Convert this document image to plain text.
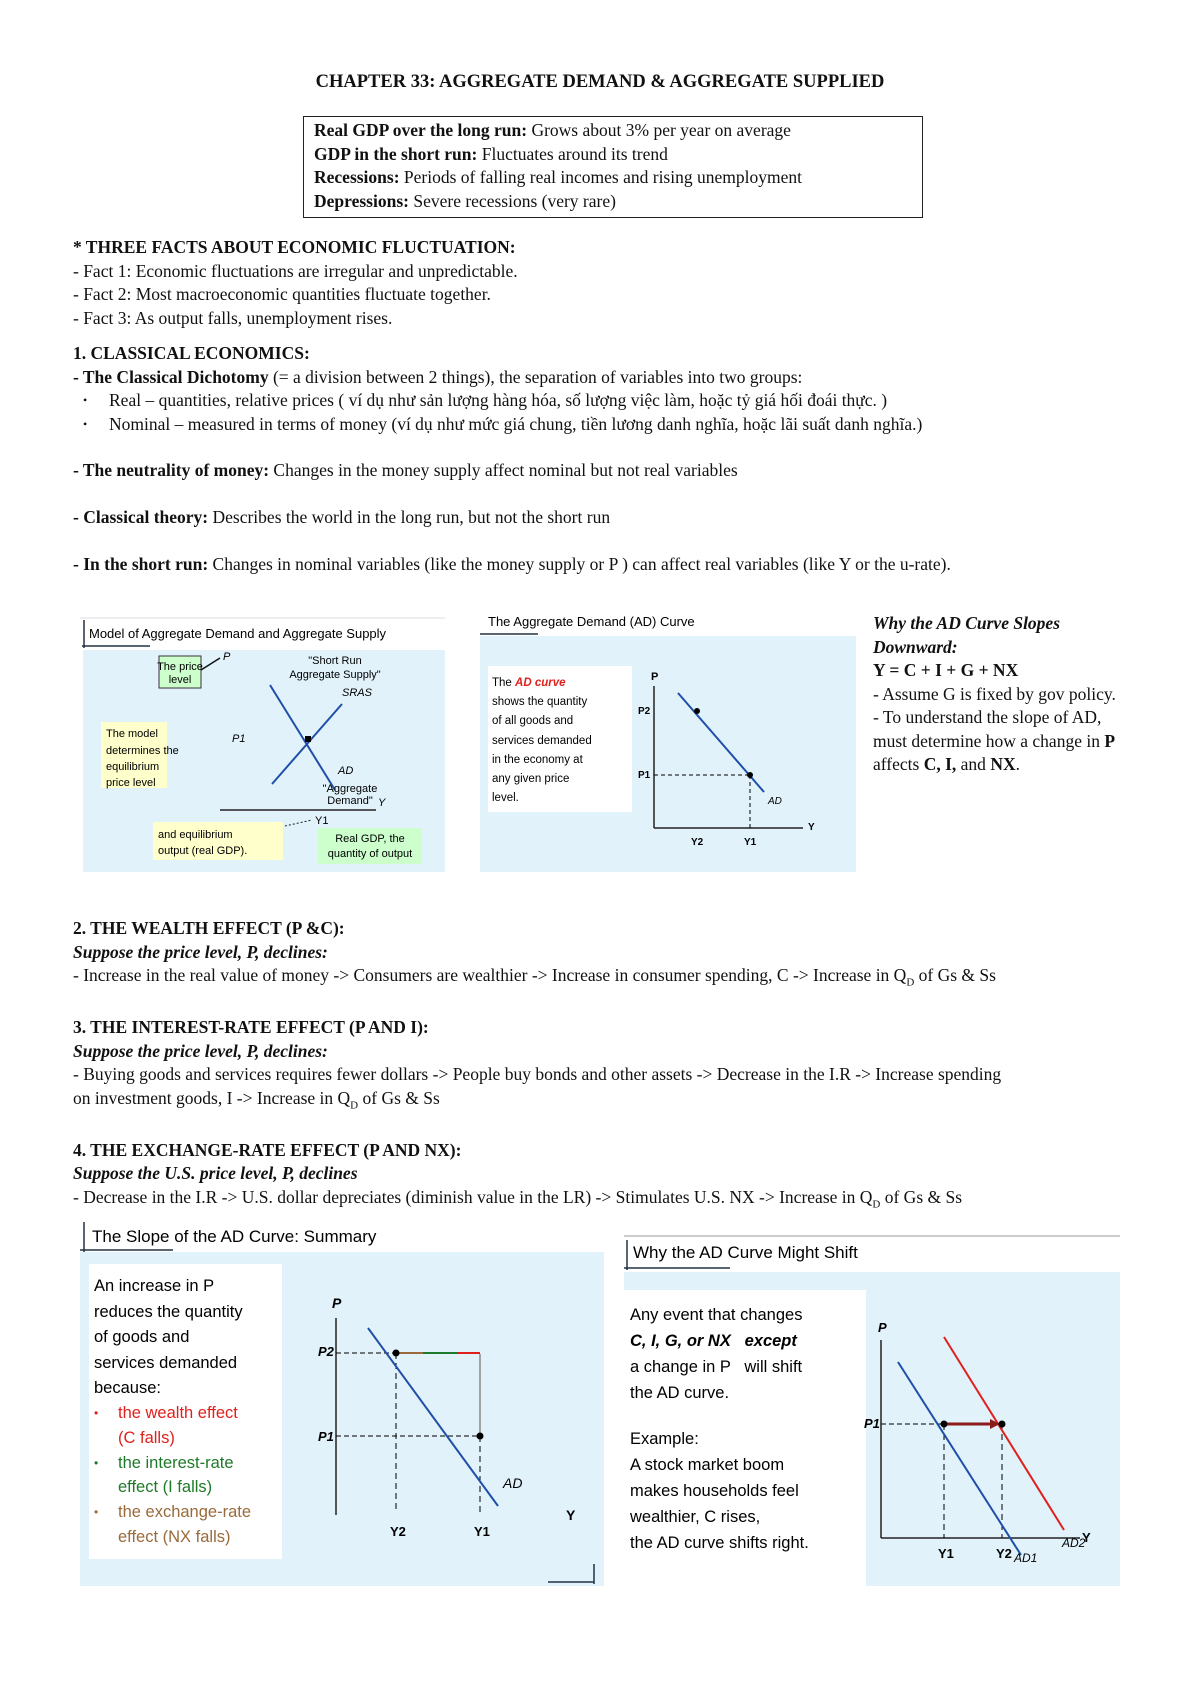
CHAPTER 33: AGGREGATE DEMAND & AGGREGATE SUPPLIED
Real GDP over the long run: Grows about 3% per year on average
GDP in the short run: Fluctuates around its trend
Recessions: Periods of falling real incomes and rising unemployment
Depressions: Severe recessions (very rare)
* THREE FACTS ABOUT ECONOMIC FLUCTUATION:
- Fact 1: Economic fluctuations are irregular and unpredictable.
- Fact 2: Most macroeconomic quantities fluctuate together.
- Fact 3: As output falls, unemployment rises.
1. CLASSICAL ECONOMICS:
- The Classical Dichotomy (= a division between 2 things), the separation of variables into two groups:
• Real – quantities, relative prices ( ví dụ như sản lượng hàng hóa, số lượng việc làm, hoặc tỷ giá hối đoái thực. )
• Nominal – measured in terms of money (ví dụ như mức giá chung, tiền lương danh nghĩa, hoặc lãi suất danh nghĩa.)
- The neutrality of money: Changes in the money supply affect nominal but not real variables
- Classical theory: Describes the world in the long run, but not the short run
- In the short run: Changes in nominal variables (like the money supply or P ) can affect real variables (like Y or the u-rate).
Model of Aggregate Demand and Aggregate Supply
The price
level
P	"Short Run
Aggregate Supply"
SRAS
The model
determines the
equilibrium
price level
P1
AD
"Aggregate
Demand" Y
Y1
and equilibrium
output (real GDP).
Real GDP, the
quantity of output
The Aggregate Demand (AD) Curve
The AD curve
shows the quantity
of all goods and
services demanded
in the economy at
any given price
level.
P
Y
P2
P1
AD
Y2	Y1
Why the AD Curve Slopes
Downward:
Y = C + I + G + NX
- Assume G is fixed by gov policy.
- To understand the slope of AD,
must determine how a change in P
affects C, I, and NX.
2. THE WEALTH EFFECT (P &C):
Suppose the price level, P, declines:
- Increase in the real value of money -> Consumers are wealthier -> Increase in consumer spending, C -> Increase in $Q_D$ of Gs & Ss
3. THE INTEREST-RATE EFFECT (P AND I):
Suppose the price level, P, declines:
- Buying goods and services requires fewer dollars -> People buy bonds and other assets -> Decrease in the I.R -> Increase spending
on investment goods, I -> Increase in $Q_D$ of Gs & Ss
4. THE EXCHANGE-RATE EFFECT (P AND NX):
Suppose the U.S. price level, P, declines
- Decrease in the I.R -> U.S. dollar depreciates (diminish value in the LR) -> Stimulates U.S. NX -> Increase in $Q_D$ of Gs & Ss
The Slope of the AD Curve: Summary
An increase in P
reduces the quantity
of goods and
services demanded
because:
• the wealth effect
(C falls)
• the interest-rate
effect (I falls)
• the exchange-rate
effect (NX falls)
P
P2
P1
AD
Y
Y2	Y1
Why the AD Curve Might Shift
Any event that changes
C, I, G, or NX   except
a change in P   will shift
the AD curve.
Example:
A stock market boom
makes households feel
wealthier, C rises,
the AD curve shifts right.
P
Y
P1
AD2
AD1
Y1	Y2
